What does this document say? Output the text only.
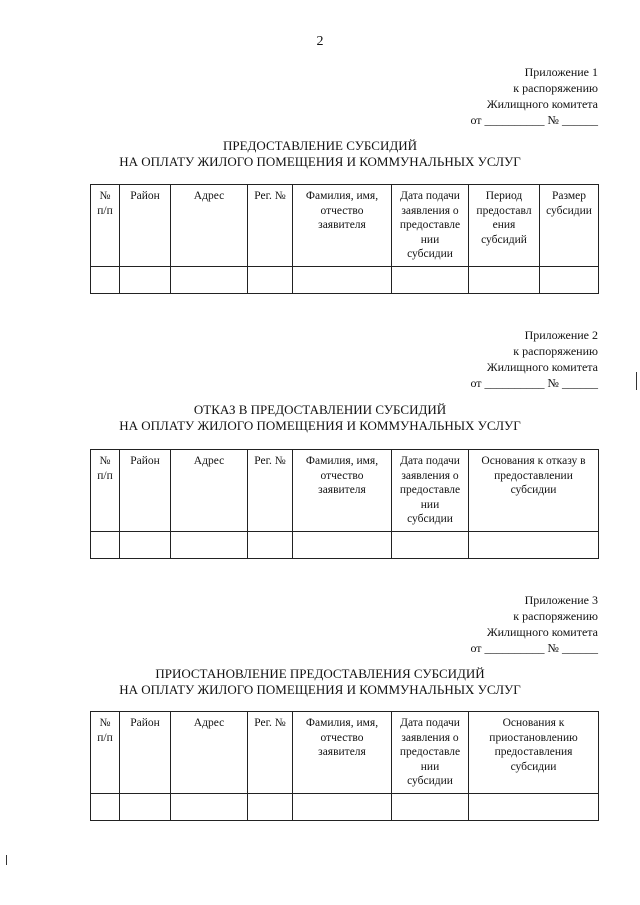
2
Приложение 1
к распоряжению
Жилищного комитета
от __________ № ______
ПРЕДОСТАВЛЕНИЕ СУБСИДИЙ
НА ОПЛАТУ ЖИЛОГО ПОМЕЩЕНИЯ И КОММУНАЛЬНЫХ УСЛУГ
№
п/п	Район	Адрес	Рег. №	Фамилия, имя,
отчество
заявителя	Дата подачи
заявления о
предоставле
нии
субсидии	Период
предоставл
ения
субсидий	Размер
субсидии

Приложение 2
к распоряжению
Жилищного комитета
от __________ № ______
ОТКАЗ В ПРЕДОСТАВЛЕНИИ СУБСИДИЙ
НА ОПЛАТУ ЖИЛОГО ПОМЕЩЕНИЯ И КОММУНАЛЬНЫХ УСЛУГ
№
п/п	Район	Адрес	Рег. №	Фамилия, имя,
отчество
заявителя	Дата подачи
заявления о
предоставле
нии
субсидии	Основания к отказу в
предоставлении
субсидии

Приложение 3
к распоряжению
Жилищного комитета
от __________ № ______
ПРИОСТАНОВЛЕНИЕ ПРЕДОСТАВЛЕНИЯ СУБСИДИЙ
НА ОПЛАТУ ЖИЛОГО ПОМЕЩЕНИЯ И КОММУНАЛЬНЫХ УСЛУГ
№
п/п	Район	Адрес	Рег. №	Фамилия, имя,
отчество
заявителя	Дата подачи
заявления о
предоставле
нии
субсидии	Основания к
приостановлению
предоставления
субсидии
